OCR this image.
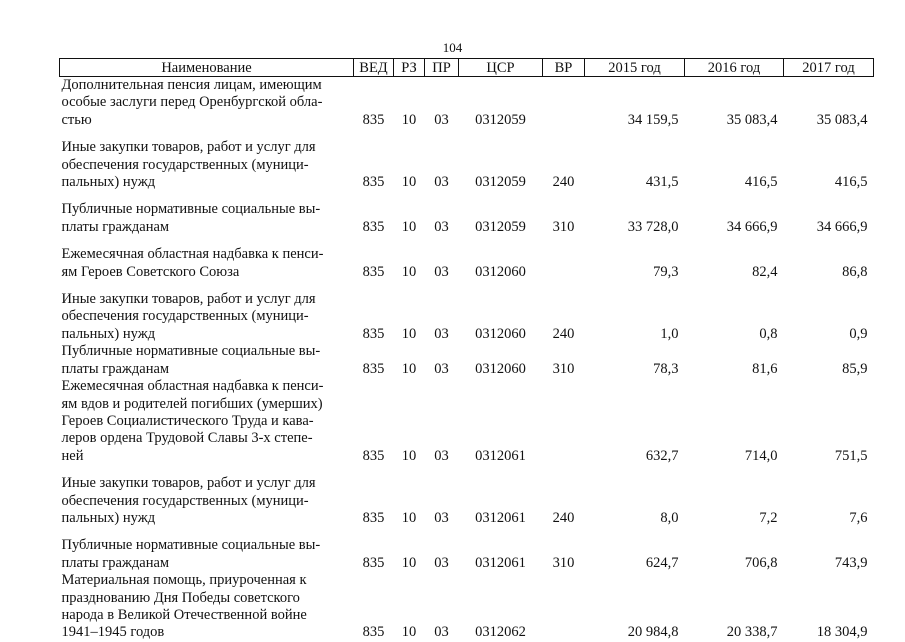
104
Наименование	ВЕД	РЗ	ПР	ЦСР	ВР	2015 год	2016 год	2017 год

Дополнительная пенсия лицам, имеющим
особые заслуги перед Оренбургской обла-
стью	835	10	03	0312059		34 159,5	35 083,4	35 083,4

Иные закупки товаров, работ и услуг для
обеспечения государственных (муници-
пальных) нужд	835	10	03	0312059	240	431,5	416,5	416,5

Публичные нормативные социальные вы-
платы гражданам	835	10	03	0312059	310	33 728,0	34 666,9	34 666,9

Ежемесячная областная надбавка к пенси-
ям Героев Советского Союза	835	10	03	0312060		79,3	82,4	86,8

Иные закупки товаров, работ и услуг для
обеспечения государственных (муници-
пальных) нужд	835	10	03	0312060	240	1,0	0,8	0,9

Публичные нормативные социальные вы-
платы гражданам	835	10	03	0312060	310	78,3	81,6	85,9

Ежемесячная областная надбавка к пенси-
ям вдов и родителей погибших (умерших)
Героев Социалистического Труда и кава-
леров ордена Трудовой Славы 3-х степе-
ней	835	10	03	0312061		632,7	714,0	751,5

Иные закупки товаров, работ и услуг для
обеспечения государственных (муници-
пальных) нужд	835	10	03	0312061	240	8,0	7,2	7,6

Публичные нормативные социальные вы-
платы гражданам	835	10	03	0312061	310	624,7	706,8	743,9

Материальная помощь, приуроченная к
празднованию Дня Победы советского
народа в Великой Отечественной войне
1941–1945 годов	835	10	03	0312062		20 984,8	20 338,7	18 304,9
